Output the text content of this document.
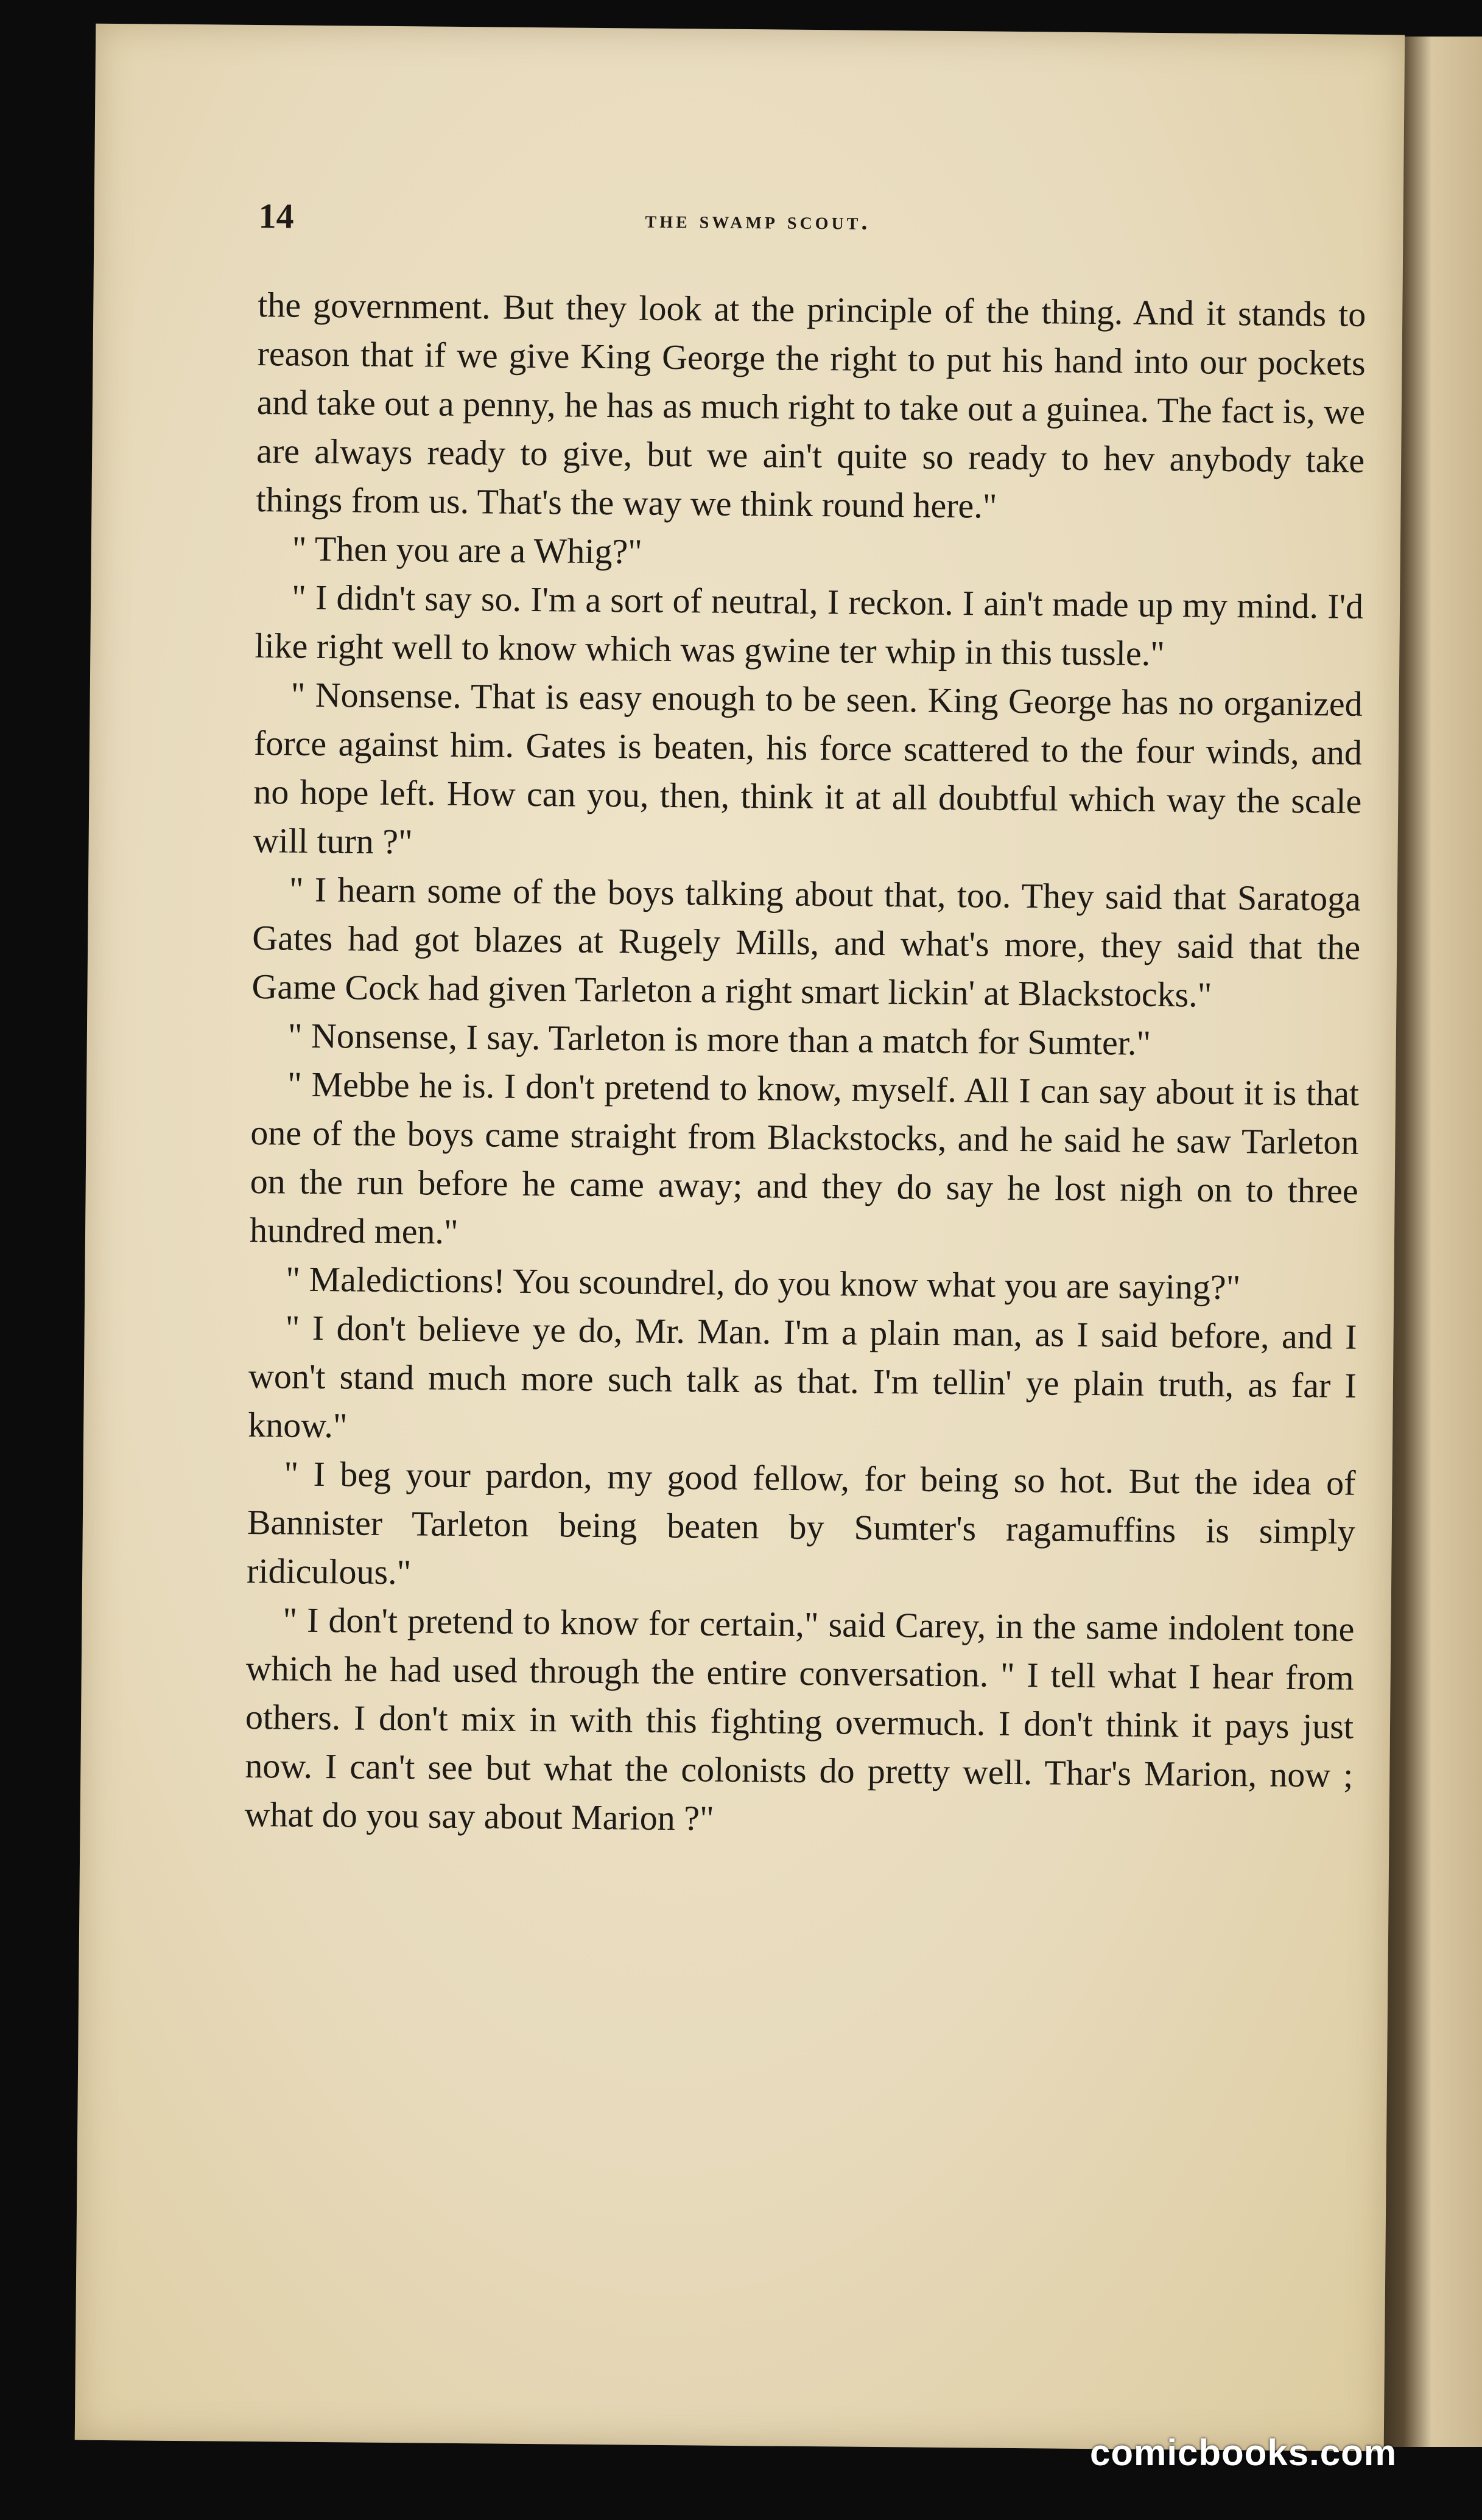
14	the swamp scout.

the government. But they look at the principle of the thing. And it stands to reason that if we give King George the right to put his hand into our pockets and take out a penny, he has as much right to take out a guinea. The fact is, we are always ready to give, but we ain't quite so ready to hev anybody take things from us. That's the way we think round here."

" Then you are a Whig?"

" I didn't say so. I'm a sort of neutral, I reckon. I ain't made up my mind. I'd like right well to know which was gwine ter whip in this tussle."

" Nonsense. That is easy enough to be seen. King George has no organized force against him. Gates is beaten, his force scattered to the four winds, and no hope left. How can you, then, think it at all doubtful which way the scale will turn ?"

" I hearn some of the boys talking about that, too. They said that Saratoga Gates had got blazes at Rugely Mills, and what's more, they said that the Game Cock had given Tarleton a right smart lickin' at Blackstocks."

" Nonsense, I say. Tarleton is more than a match for Sumter."

" Mebbe he is. I don't pretend to know, myself. All I can say about it is that one of the boys came straight from Blackstocks, and he said he saw Tarleton on the run before he came away; and they do say he lost nigh on to three hundred men."

" Maledictions! You scoundrel, do you know what you are saying?"

" I don't believe ye do, Mr. Man. I'm a plain man, as I said before, and I won't stand much more such talk as that. I'm tellin' ye plain truth, as far I know."

" I beg your pardon, my good fellow, for being so hot. But the idea of Bannister Tarleton being beaten by Sumter's ragamuffins is simply ridiculous."

" I don't pretend to know for certain," said Carey, in the same indolent tone which he had used through the entire conversation. " I tell what I hear from others. I don't mix in with this fighting overmuch. I don't think it pays just now. I can't see but what the colonists do pretty well. Thar's Marion, now ; what do you say about Marion ?"

comicbooks.com
